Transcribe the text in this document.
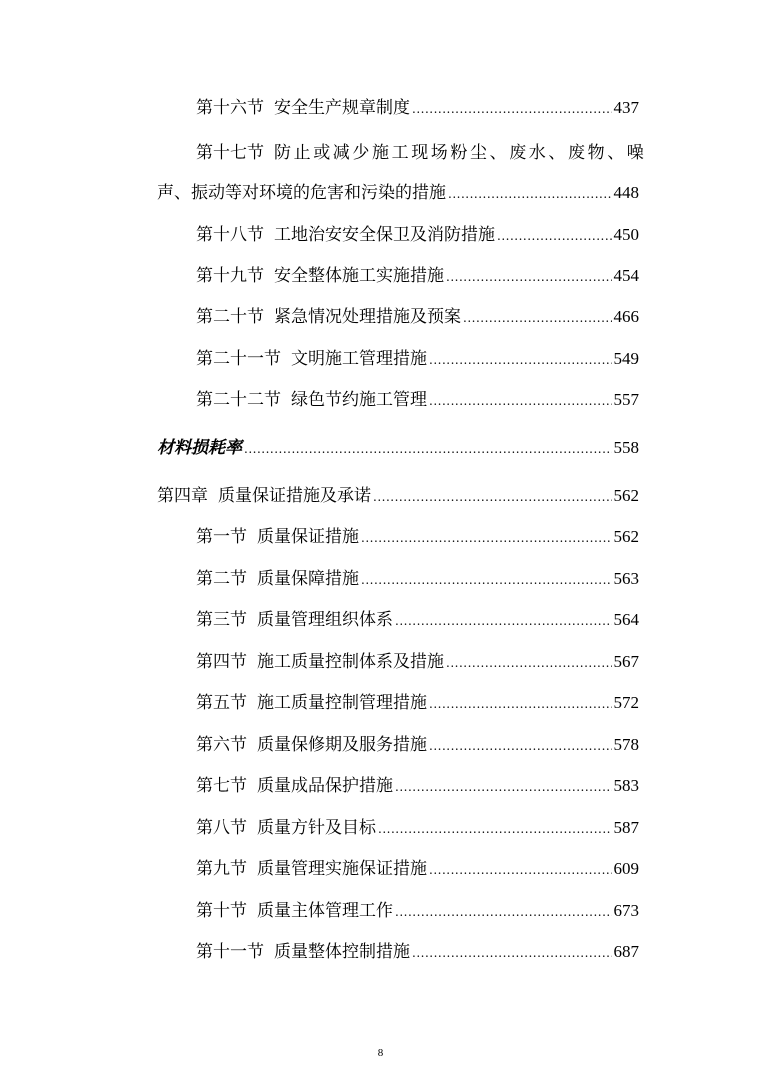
第十六节 安全生产规章制度 .....	437
第十七节 防止或减少施工现场粉尘、废水、废物、噪
声、振动等对环境的危害和污染的措施 .....	448
第十八节 工地治安安全保卫及消防措施 .....	450
第十九节 安全整体施工实施措施 .....	454
第二十节 紧急情况处理措施及预案 .....	466
第二十一节 文明施工管理措施 .....	549
第二十二节 绿色节约施工管理 .....	557
材料损耗率 .....	558
第四章 质量保证措施及承诺 .....	562
第一节 质量保证措施 .....	562
第二节 质量保障措施 .....	563
第三节 质量管理组织体系 .....	564
第四节 施工质量控制体系及措施 .....	567
第五节 施工质量控制管理措施 .....	572
第六节 质量保修期及服务措施 .....	578
第七节 质量成品保护措施 .....	583
第八节 质量方针及目标 .....	587
第九节 质量管理实施保证措施 .....	609
第十节 质量主体管理工作 .....	673
第十一节 质量整体控制措施 .....	687
8
